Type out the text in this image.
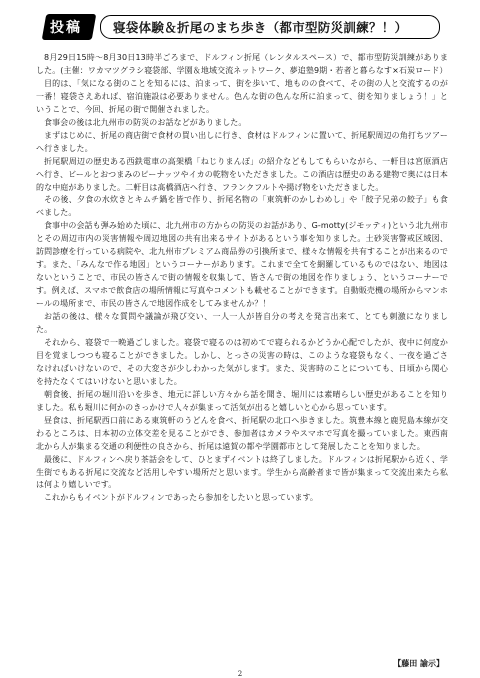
投稿 寝袋体験＆折尾のまち歩き（都市型防災訓練？！）

8月29日15時～8月30日13時半ごろまで、ドルフィン折尾（レンタルスペース）で、都市型防災訓練がありました。(主催：ワカマツグラシ寝袋部、学園＆地域交流ネットワーク、夢追塾9期・若者と暮らなす×石炭ロード）

目的は、「気になる街のことを知るには、泊まって、街を歩いて、地ものの食べて、その街の人と交流するのが一番！寝袋さえあれば、宿泊施設は必要ありません。色んな街の色んな所に泊まって、街を知りましょう！」ということで、今回、折尾の街で開催されました。

食事会の後は北九州市の防災のお話などがありました。

まずはじめに、折尾の商店街で食材の買い出しに行き、食材はドルフィンに置いて、折尾駅周辺の角打ちツアーへ行きました。

折尾駅周辺の歴史ある西鉄電車の高架橋「ねじりまんぽ」の紹介などもしてもらいながら、一軒目は宮原酒店へ行き、ビールとおつまみのピーナッツやイカの乾物をいただきました。この酒店は歴史のある建物で奥には日本的な中庭がありました。二軒目は髙橋酒店へ行き、フランクフルトや揚げ物をいただきました。

その後、夕食の水炊きとキムチ鍋を皆で作り、折尾名物の「東筑軒のかしわめし」や「餃子兄弟の餃子」も食べました。

食事中の会話も弾み始めた頃に、北九州市の方からの防災のお話があり、G-motty(ジモッティ)という北九州市とその周辺市内の災害情報や周辺地図の共有出来るサイトがあるという事を知りました。土砂災害警戒区域図、訪問診療を行っている病院や、北九州市プレミアム商品券の引換所まで、様々な情報を共有することが出来るのです。また、「みんなで作る地図」というコーナーがあります。これまで全てを網羅しているものではない、地図はないということで、市民の皆さんで街の情報を収集して、皆さんで街の地図を作りましょう、というコーナーです。例えば、スマホで飲食店の場所情報に写真やコメントも載せることができます。自動販売機の場所からマンホールの場所まで、市民の皆さんで地図作成をしてみませんか？！

お話の後は、様々な質問や議論が飛び交い、一人一人が皆自分の考えを発言出来て、とても刺激になりました。

それから、寝袋で一晩過ごしました。寝袋で寝るのは初めてで寝られるかどうか心配でしたが、夜中に何度か目を覚ましつつも寝ることができました。しかし、とっさの災害の時は、このような寝袋もなく、一夜を過ごさなければいけないので、その大変さが少しわかった気がします。また、災害時のことについても、日頃から関心を持たなくてはいけないと思いました。

朝食後、折尾の堀川沿いを歩き、地元に詳しい方々から話を聞き、堀川には素晴らしい歴史があることを知りました。私も堀川に何かのきっかけで人々が集まって活気が出ると嬉しいと心から思っています。

昼食は、折尾駅西口前にある東筑軒のうどんを食べ、折尾駅の北口へ歩きました。筑豊本線と鹿児島本線が交わるところは、日本初の立体交差を見ることができ、参加者はカメラやスマホで写真を撮っていました。東西南北から人が集まる交通の利便性の良さから、折尾は遠賀の都や学園都市として発展したことを知りました。

最後に、ドルフィンへ戻り茶話会をして、ひとまずイベントは終了しました。ドルフィンは折尾駅から近く、学生街でもある折尾に交流など活用しやすい場所だと思います。学生から高齢者まで皆が集まって交流出来たら私は何より嬉しいです。

これからもイベントがドルフィンであったら参加をしたいと思っています。

【藤田 諭示】
2
